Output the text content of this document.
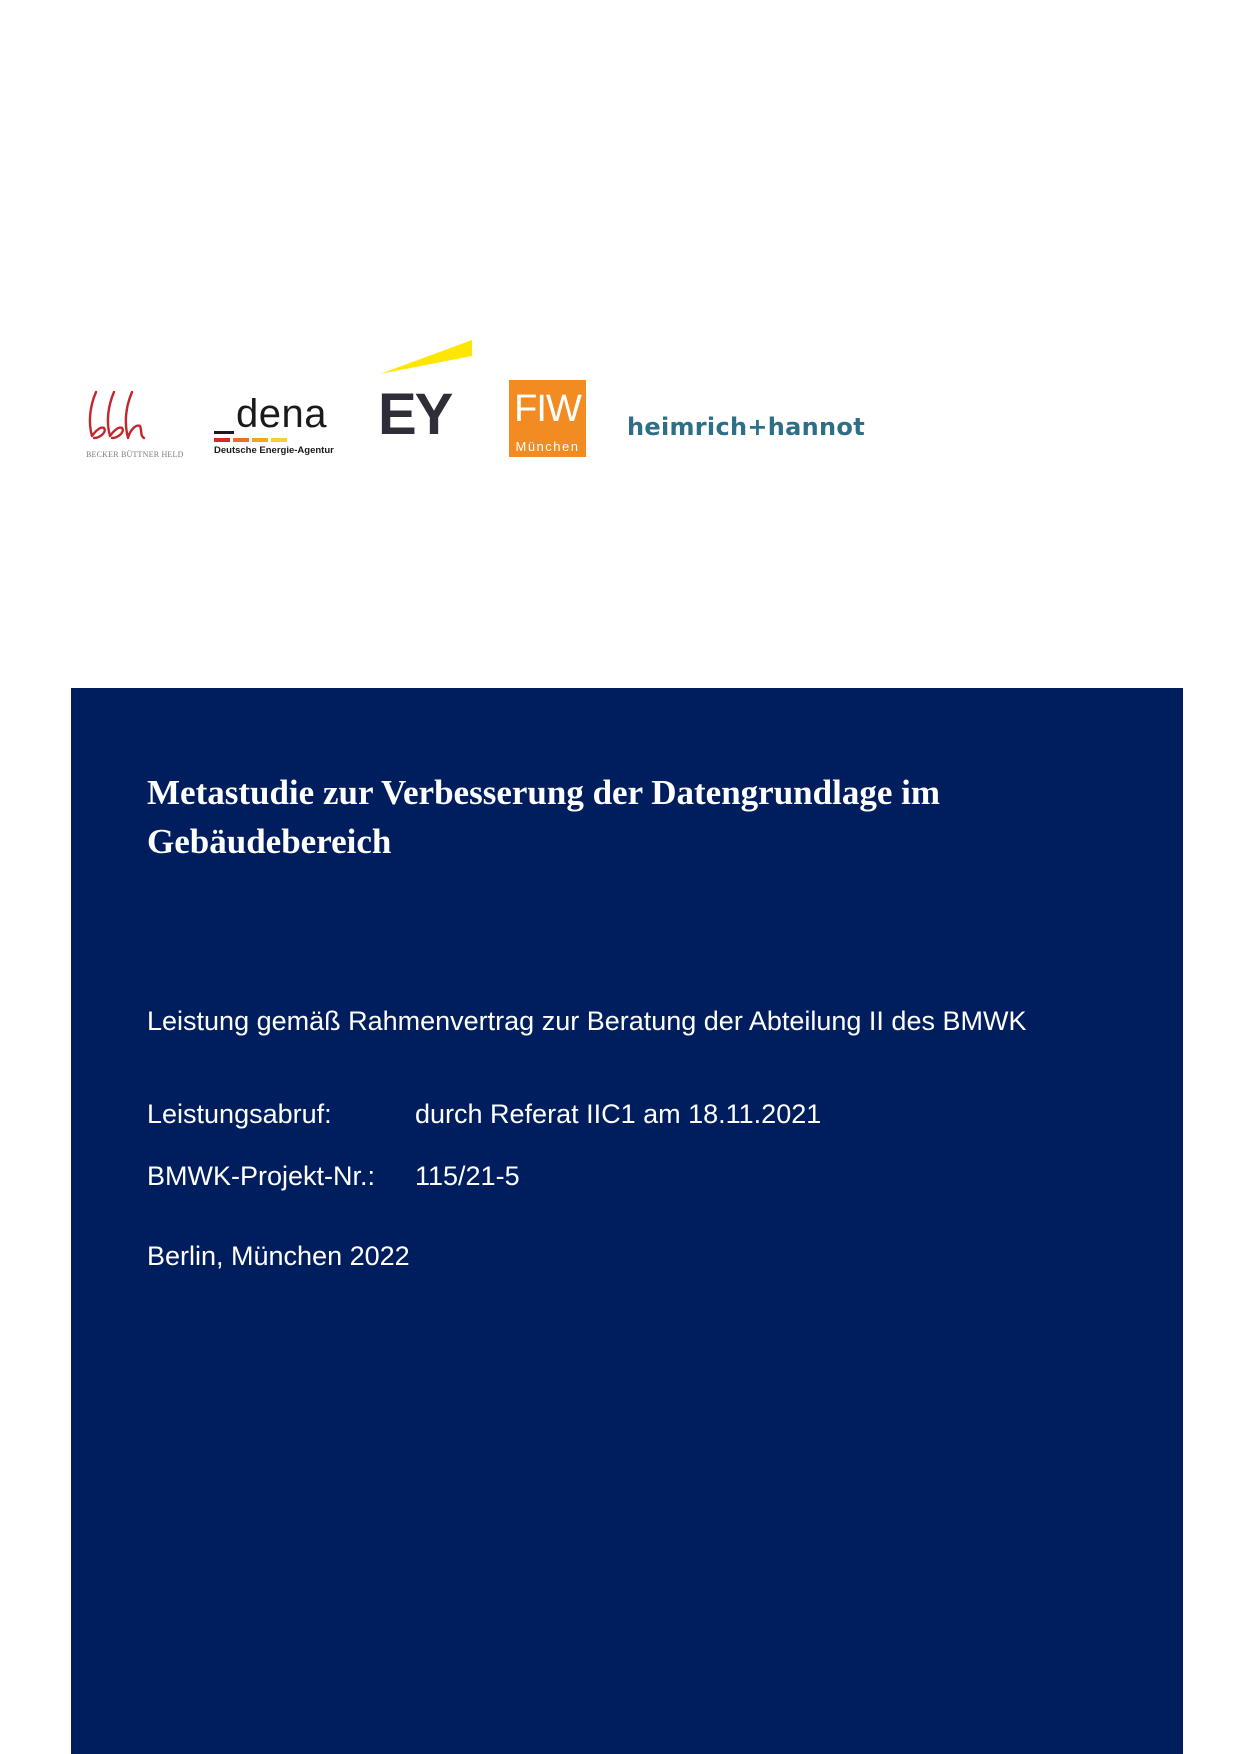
BECKER BÜTTNER HELD
dena
Deutsche Energie-Agentur
EY FIW
München
heimrich+hannot
Metastudie zur Verbesserung der Datengrundlage im Gebäudebereich

Leistung gemäß Rahmenvertrag zur Beratung der Abteilung II des BMWK

Leistungsabruf:	durch Referat IIC1 am 18.11.2021
BMWK-Projekt-Nr.: 115/21-5

Berlin, München 2022
